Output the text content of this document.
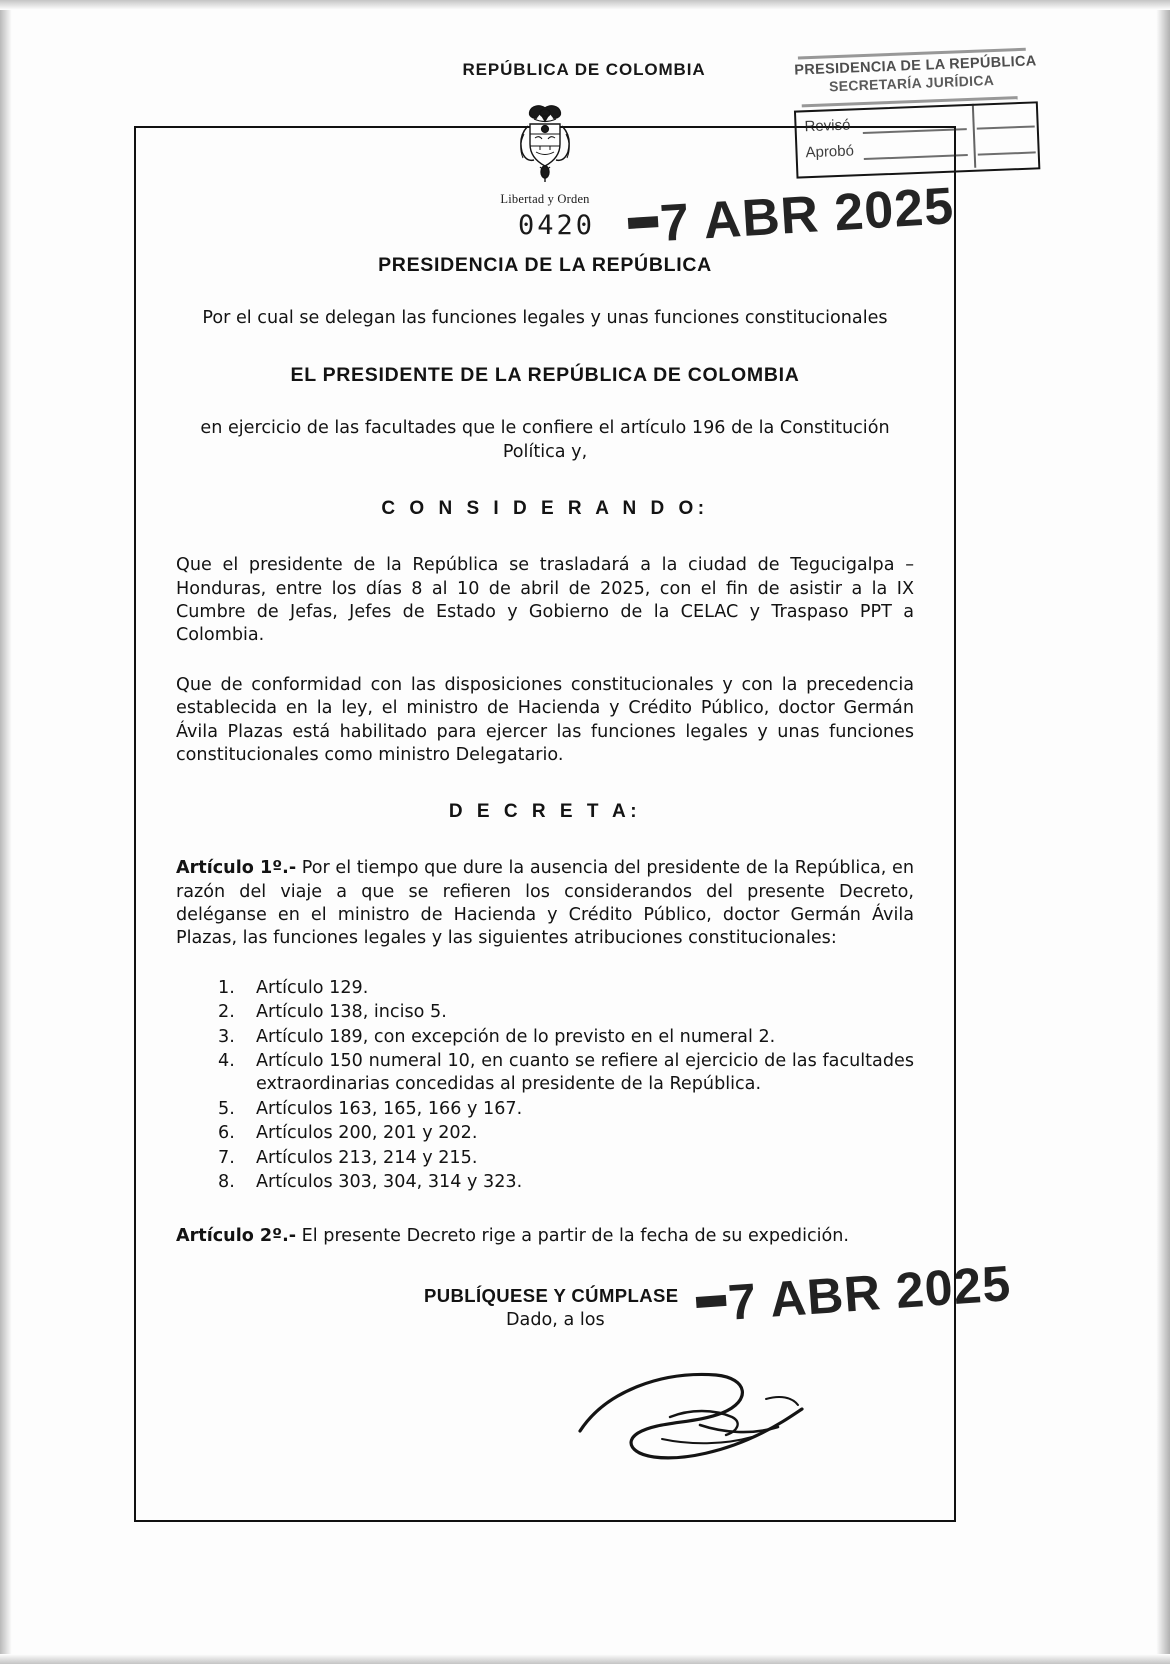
REPÚBLICA DE COLOMBIA
Libertad y Orden
0420	7 ABR 2025
PRESIDENCIA DE LA REPÚBLICA
Por el cual se delegan las funciones legales y unas funciones constitucionales
EL PRESIDENTE DE LA REPÚBLICA DE COLOMBIA
en ejercicio de las facultades que le confiere el artículo 196 de la Constitución Política y,
C O N S I D E R A N D O:
Que el presidente de la República se trasladará a la ciudad de Tegucigalpa – Honduras, entre los días 8 al 10 de abril de 2025, con el fin de asistir a la IX Cumbre de Jefas, Jefes de Estado y Gobierno de la CELAC y Traspaso PPT a Colombia.
Que de conformidad con las disposiciones constitucionales y con la precedencia establecida en la ley, el ministro de Hacienda y Crédito Público, doctor Germán Ávila Plazas está habilitado para ejercer las funciones legales y unas funciones constitucionales como ministro Delegatario.
D E C R E T A:
Artículo 1º.- Por el tiempo que dure la ausencia del presidente de la República, en razón del viaje a que se refieren los considerandos del presente Decreto, deléganse en el ministro de Hacienda y Crédito Público, doctor Germán Ávila Plazas, las funciones legales y las siguientes atribuciones constitucionales:
1.	Artículo 129.
2.	Artículo 138, inciso 5.
3.	Artículo 189, con excepción de lo previsto en el numeral 2.
4.	Artículo 150 numeral 10, en cuanto se refiere al ejercicio de las facultades extraordinarias concedidas al presidente de la República.
5.	Artículos 163, 165, 166 y 167.
6.	Artículos 200, 201 y 202.
7.	Artículos 213, 214 y 215.
8.	Artículos 303, 304, 314 y 323.
Artículo 2º.- El presente Decreto rige a partir de la fecha de su expedición.
PUBLÍQUESE Y CÚMPLASE
Dado, a los	7 ABR 2025
PRESIDENCIA DE LA REPÚBLICA
SECRETARÍA JURÍDICA
Revisó
Aprobó
